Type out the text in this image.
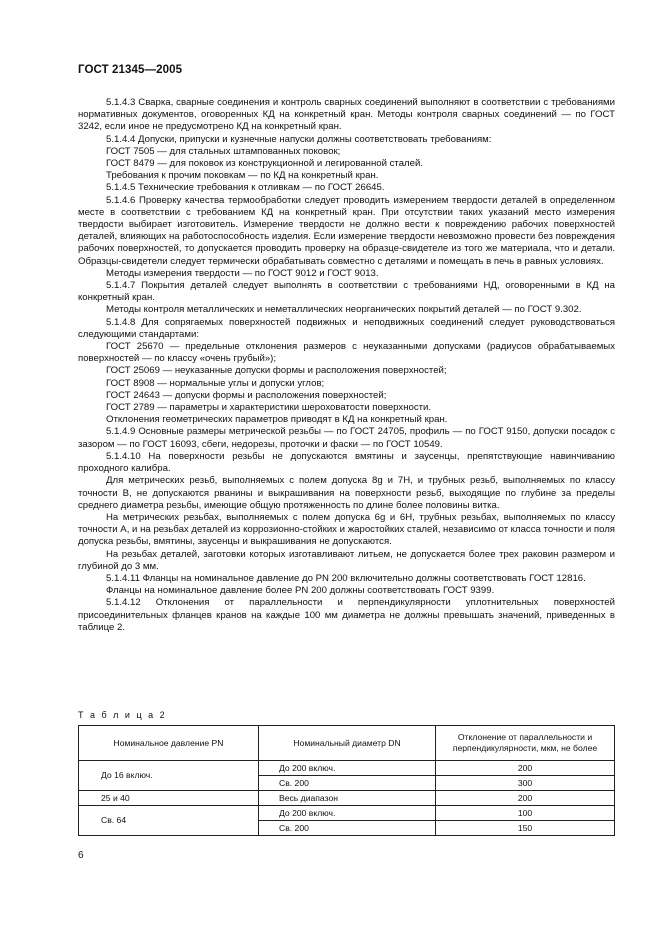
ГОСТ 21345—2005

5.1.4.3 Сварка, сварные соединения и контроль сварных соединений выполняют в соответствии с требованиями нормативных документов, оговоренных КД на конкретный кран. Методы контроля сварных соединений — по ГОСТ 3242, если иное не предусмотрено КД на конкретный кран.

5.1.4.4 Допуски, припуски и кузнечные напуски должны соответствовать требованиям:

ГОСТ 7505 — для стальных штампованных поковок;

ГОСТ 8479 — для поковок из конструкционной и легированной сталей.

Требования к прочим поковкам — по КД на конкретный кран.

5.1.4.5 Технические требования к отливкам — по ГОСТ 26645.

5.1.4.6 Проверку качества термообработки следует проводить измерением твердости деталей в определенном месте в соответствии с требованием КД на конкретный кран. При отсутствии таких указаний место измерения твердости выбирает изготовитель. Измерение твердости не должно вести к повреждению рабочих поверхностей деталей, влияющих на работоспособность изделия. Если измерение твердости невозможно провести без повреждения рабочих поверхностей, то допускается проводить проверку на образце-свидетеле из того же материала, что и детали. Образцы-свидетели следует термически обрабатывать совместно с деталями и помещать в печь в равных условиях.

Методы измерения твердости — по ГОСТ 9012 и ГОСТ 9013.

5.1.4.7 Покрытия деталей следует выполнять в соответствии с требованиями НД, оговоренными в КД на конкретный кран.

Методы контроля металлических и неметаллических неорганических покрытий деталей — по ГОСТ 9.302.

5.1.4.8 Для сопрягаемых поверхностей подвижных и неподвижных соединений следует руководствоваться следующими стандартами:

ГОСТ 25670 — предельные отклонения размеров с неуказанными допусками (радиусов обрабатываемых поверхностей — по классу «очень грубый»);

ГОСТ 25069 — неуказанные допуски формы и расположения поверхностей;

ГОСТ 8908 — нормальные углы и допуски углов;

ГОСТ 24643 — допуски формы и расположения поверхностей;

ГОСТ 2789 — параметры и характеристики шероховатости поверхности.

Отклонения геометрических параметров приводят в КД на конкретный кран.

5.1.4.9 Основные размеры метрической резьбы — по ГОСТ 24705, профиль — по ГОСТ 9150, допуски посадок с зазором — по ГОСТ 16093, сбеги, недорезы, проточки и фаски — по ГОСТ 10549.

5.1.4.10 На поверхности резьбы не допускаются вмятины и заусенцы, препятствующие навинчиванию проходного калибра.

Для метрических резьб, выполняемых с полем допуска 8g и 7H, и трубных резьб, выполняемых по классу точности В, не допускаются рванины и выкрашивания на поверхности резьб, выходящие по глубине за пределы среднего диаметра резьбы, имеющие общую протяженность по длине более половины витка.

На метрических резьбах, выполняемых с полем допуска 6g и 6H, трубных резьбах, выполняемых по классу точности А, и на резьбах деталей из коррозионно-стойких и жаростойких сталей, независимо от класса точности и поля допуска резьбы, вмятины, заусенцы и выкрашивания не допускаются.

На резьбах деталей, заготовки которых изготавливают литьем, не допускается более трех раковин размером и глубиной до 3 мм.

5.1.4.11 Фланцы на номинальное давление до PN 200 включительно должны соответствовать ГОСТ 12816.

Фланцы на номинальное давление более PN 200 должны соответствовать ГОСТ 9399.

5.1.4.12 Отклонения от параллельности и перпендикулярности уплотнительных поверхностей присоединительных фланцев кранов на каждые 100 мм диаметра не должны превышать значений, приведенных в таблице 2.

Т а б л и ц а 2
Номинальное давление PN	Номинальный диаметр DN	Отклонение от параллельности и перпендикулярности, мкм, не более
До 16 включ.	До 200 включ.	200
	Св. 200	300
25 и 40	Весь диапазон	200
Св. 64	До 200 включ.	100
	Св. 200	150
6
